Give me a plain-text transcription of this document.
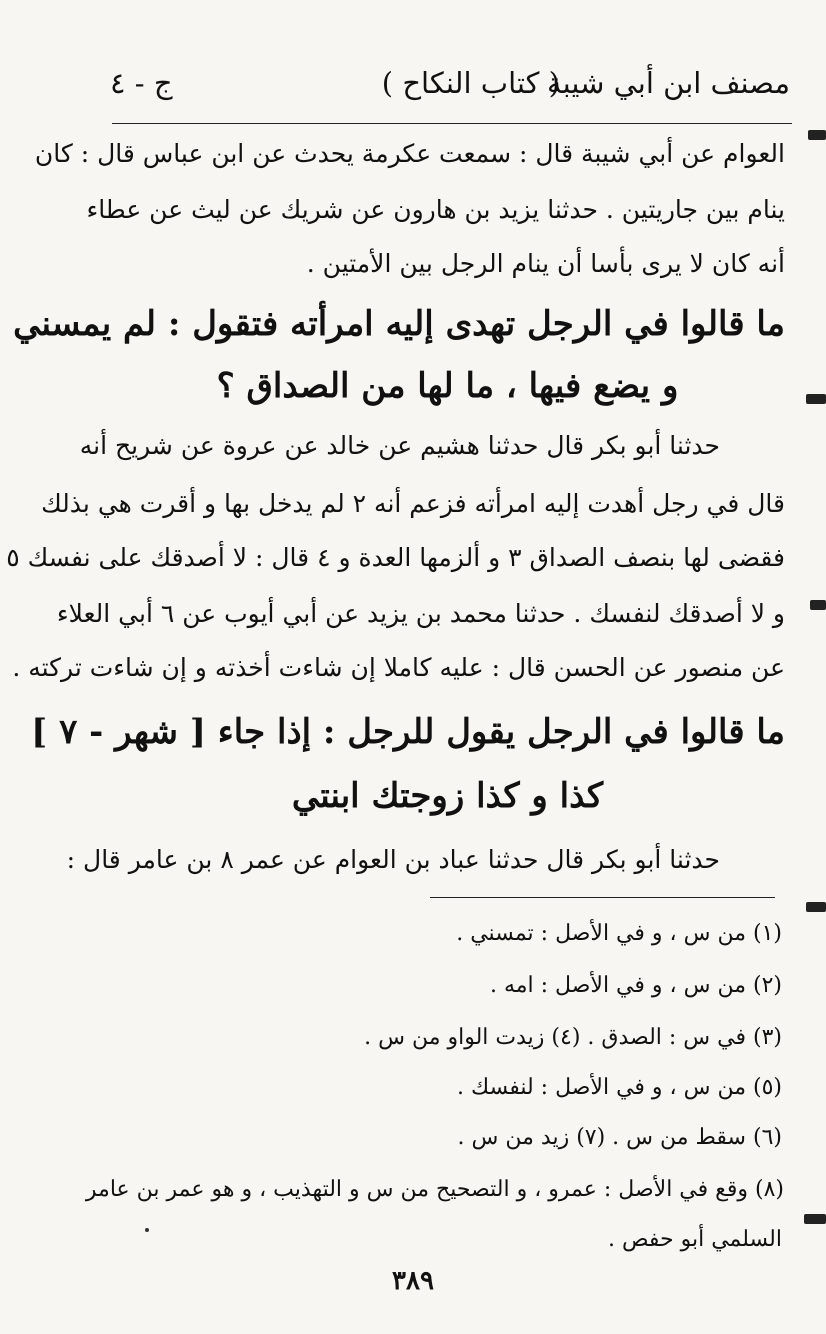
مصنف ابن أبي شيبة
( كتاب النكاح )
ج - ٤
العوام عن أبي شيبة قال : سمعت عكرمة يحدث عن ابن عباس قال : كان
ينام بين جاريتين . حدثنا يزيد بن هارون عن شريك عن ليث عن عطاء
أنه كان لا يرى بأسا أن ينام الرجل بين الأمتين .
ما قالوا في الرجل تهدى إليه امرأته فتقول : لم يمسني
و يضع فيها ، ما لها من الصداق ؟
حدثنا أبو بكر قال حدثنا هشيم عن خالد عن عروة عن شريح أنه
قال في رجل أهدت إليه امرأته فزعم أنه ٢ لم يدخل بها و أقرت هي بذلك
فقضى لها بنصف الصداق ٣ و ألزمها العدة و ٤ قال : لا أصدقك على نفسك ٥
و لا أصدقك لنفسك . حدثنا محمد بن يزيد عن أبي أيوب عن ٦ أبي العلاء
عن منصور عن الحسن قال : عليه كاملا إن شاءت أخذته و إن شاءت تركته .
ما قالوا في الرجل يقول للرجل : إذا جاء [ شهر - ٧ ]
كذا و كذا زوجتك ابنتي
حدثنا أبو بكر قال حدثنا عباد بن العوام عن عمر ٨ بن عامر قال :
(١) من س ، و في الأصل : تمسني .
(٢) من س ، و في الأصل : امه .
(٣) في س : الصدق . (٤) زيدت الواو من س .
(٥) من س ، و في الأصل : لنفسك .
(٦) سقط من س . (٧) زيد من س .
(٨) وقع في الأصل : عمرو ، و التصحيح من س و التهذيب ، و هو عمر بن عامر
السلمي أبو حفص .
٣٨٩
